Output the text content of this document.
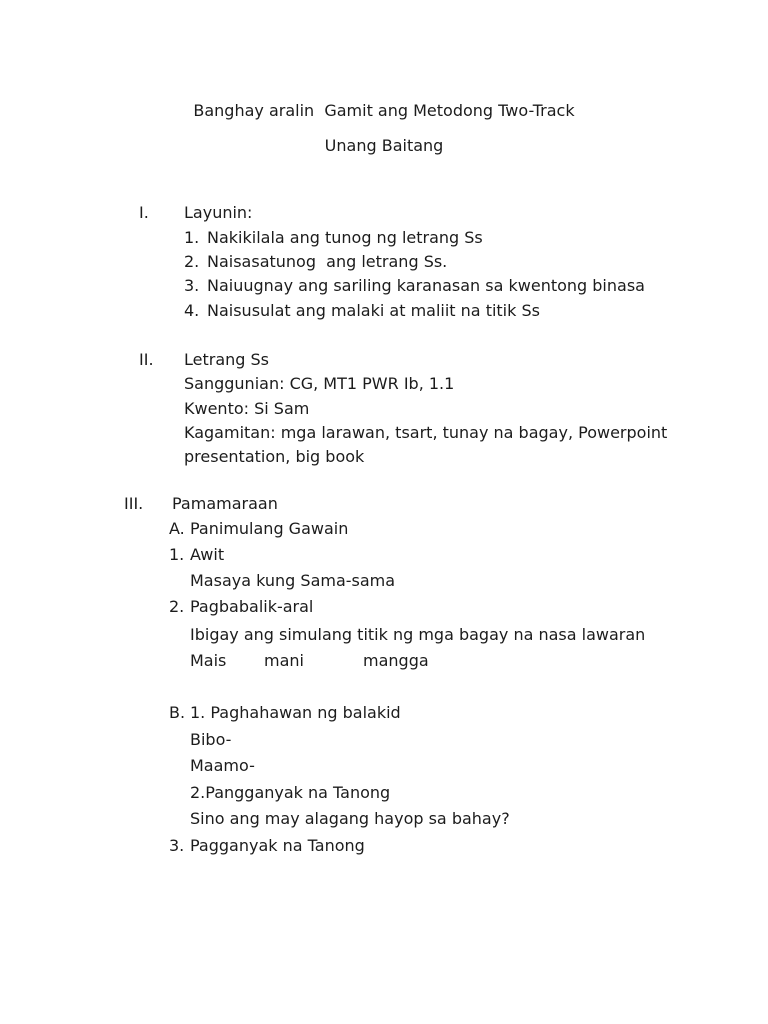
Banghay aralin  Gamit ang Metodong Two-Track
Unang Baitang
I. Layunin:
1. Nakikilala ang tunog ng letrang Ss
2. Naisasatunog  ang letrang Ss.
3. Naiuugnay ang sariling karanasan sa kwentong binasa
4. Naisusulat ang malaki at maliit na titik Ss
II. Letrang Ss
Sanggunian: CG, MT1 PWR Ib, 1.1
Kwento: Si Sam
Kagamitan: mga larawan, tsart, tunay na bagay, Powerpoint
presentation, big book
III. Pamamaraan
A. Panimulang Gawain
1. Awit
Masaya kung Sama-sama
2. Pagbabalik-aral
Ibigay ang simulang titik ng mga bagay na nasa lawaran
Mais mani	mangga
B. 1. Paghahawan ng balakid
Bibo-
Maamo-
2.Pangganyak na Tanong
Sino ang may alagang hayop sa bahay?
3. Pagganyak na Tanong
